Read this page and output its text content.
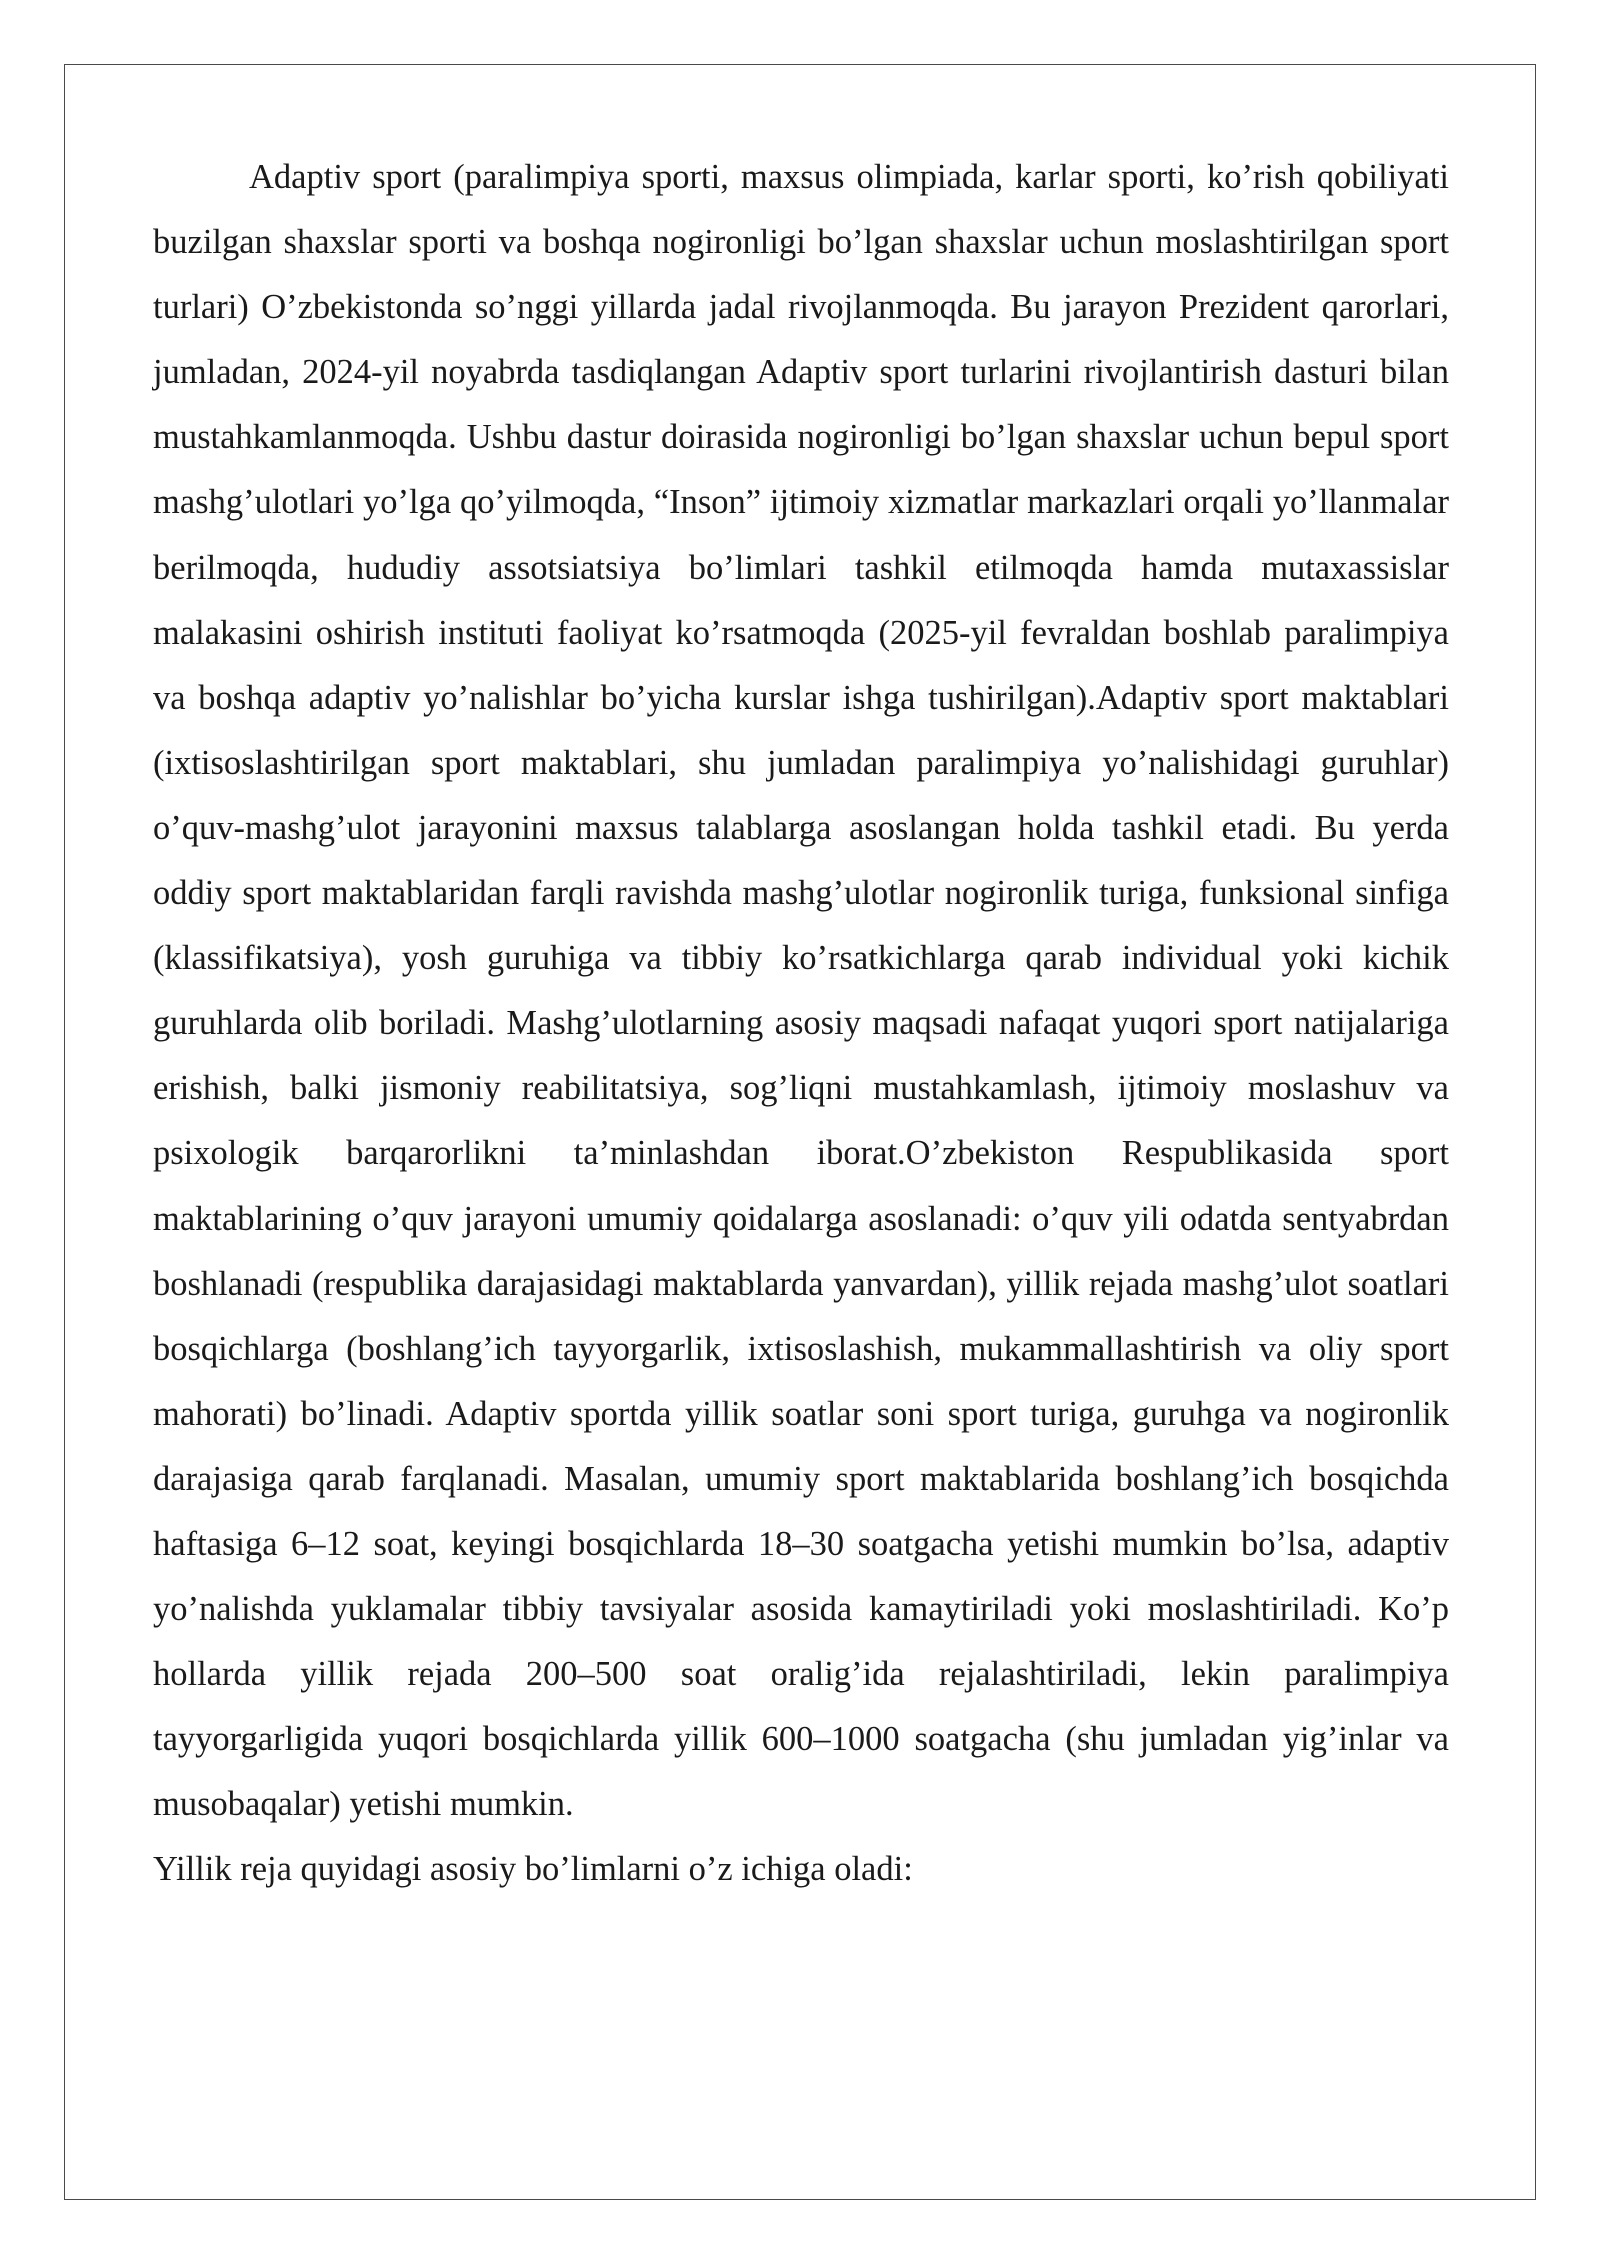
Adaptiv sport (paralimpiya sporti, maxsus olimpiada, karlar sporti, ko’rish qobiliyati buzilgan shaxslar sporti va boshqa nogironligi bo’lgan shaxslar uchun moslashtirilgan sport turlari) O’zbekistonda so’nggi yillarda jadal rivojlanmoqda. Bu jarayon Prezident qarorlari, jumladan, 2024-yil noyabrda tasdiqlangan Adaptiv sport turlarini rivojlantirish dasturi bilan mustahkamlanmoqda. Ushbu dastur doirasida nogironligi bo’lgan shaxslar uchun bepul sport mashg’ulotlari yo’lga qo’yilmoqda, “Inson” ijtimoiy xizmatlar markazlari orqali yo’llanmalar berilmoqda, hududiy assotsiatsiya bo’limlari tashkil etilmoqda hamda mutaxassislar malakasini oshirish instituti faoliyat ko’rsatmoqda (2025-yil fevraldan boshlab paralimpiya va boshqa adaptiv yo’nalishlar bo’yicha kurslar ishga tushirilgan).Adaptiv sport maktablari (ixtisoslashtirilgan sport maktablari, shu jumladan paralimpiya yo’nalishidagi guruhlar) o’quv-mashg’ulot jarayonini maxsus talablarga asoslangan holda tashkil etadi. Bu yerda oddiy sport maktablaridan farqli ravishda mashg’ulotlar nogironlik turiga, funksional sinfiga (klassifikatsiya), yosh guruhiga va tibbiy ko’rsatkichlarga qarab individual yoki kichik guruhlarda olib boriladi. Mashg’ulotlarning asosiy maqsadi nafaqat yuqori sport natijalariga erishish, balki jismoniy reabilitatsiya, sog’liqni mustahkamlash, ijtimoiy moslashuv va psixologik barqarorlikni ta’minlashdan iborat.O’zbekiston Respublikasida sport maktablarining o’quv jarayoni umumiy qoidalarga asoslanadi: o’quv yili odatda sentyabrdan boshlanadi (respublika darajasidagi maktablarda yanvardan), yillik rejada mashg’ulot soatlari bosqichlarga (boshlang’ich tayyorgarlik, ixtisoslashish, mukammallashtirish va oliy sport mahorati) bo’linadi. Adaptiv sportda yillik soatlar soni sport turiga, guruhga va nogironlik darajasiga qarab farqlanadi. Masalan, umumiy sport maktablarida boshlang’ich bosqichda haftasiga 6–12 soat, keyingi bosqichlarda 18–30 soatgacha yetishi mumkin bo’lsa, adaptiv yo’nalishda yuklamalar tibbiy tavsiyalar asosida kamaytiriladi yoki moslashtiriladi. Ko’p hollarda yillik rejada 200–500 soat oralig’ida rejalashtiriladi, lekin paralimpiya tayyorgarligida yuqori bosqichlarda yillik 600–1000 soatgacha (shu jumladan yig’inlar va musobaqalar) yetishi mumkin.

Yillik reja quyidagi asosiy bo’limlarni o’z ichiga oladi:
